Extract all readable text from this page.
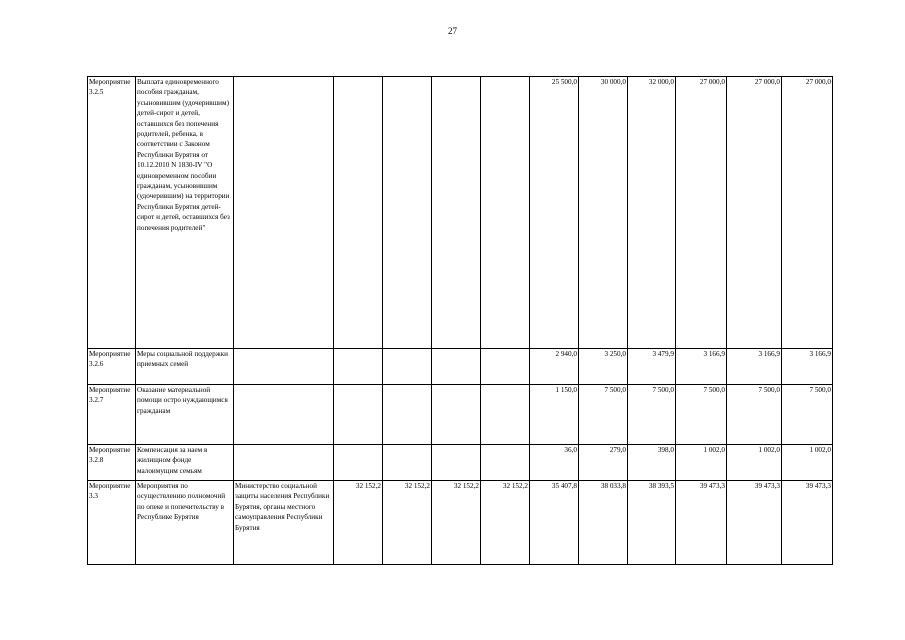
27
Мероприятие 3.2.5	Выплата единовременного пособия гражданам, усыновившим (удочерившим) детей-сирот и детей, оставшихся без попечения родителей, ребенка, в соответствии с Законом Республики Бурятия от 10.12.2010 N 1830-IV "О единовременном пособии гражданам, усыновившим (удочерившим) на территории Республики Бурятия детей-сирот и детей, оставшихся без попечения родителей"						25 500,0	30 000,0	32 000,0	27 000,0	27 000,0	27 000,0
Мероприятие 3.2.6	Меры социальной поддержки приемных семей						2 940,0	3 250,0	3 479,9	3 166,9	3 166,9	3 166,9
Мероприятие 3.2.7	Оказание материальной помощи остро нуждающимся гражданам						1 150,0	7 500,0	7 500,0	7 500,0	7 500,0	7 500,0
Мероприятие 3.2.8	Компенсация за наем в жилищном фонде малоимущим семьям						36,0	279,0	398,0	1 002,0	1 002,0	1 002,0
Мероприятие 3.3	Мероприятия по осуществлению полномочий по опеке и попечительству в Республике Бурятия	Министерство социальной защиты населения Республики Бурятия, органы местного самоуправления Республики Бурятия	32 152,2	32 152,2	32 152,2	32 152,2	35 407,8	38 033,8	38 393,5	39 473,3	39 473,3	39 473,3
